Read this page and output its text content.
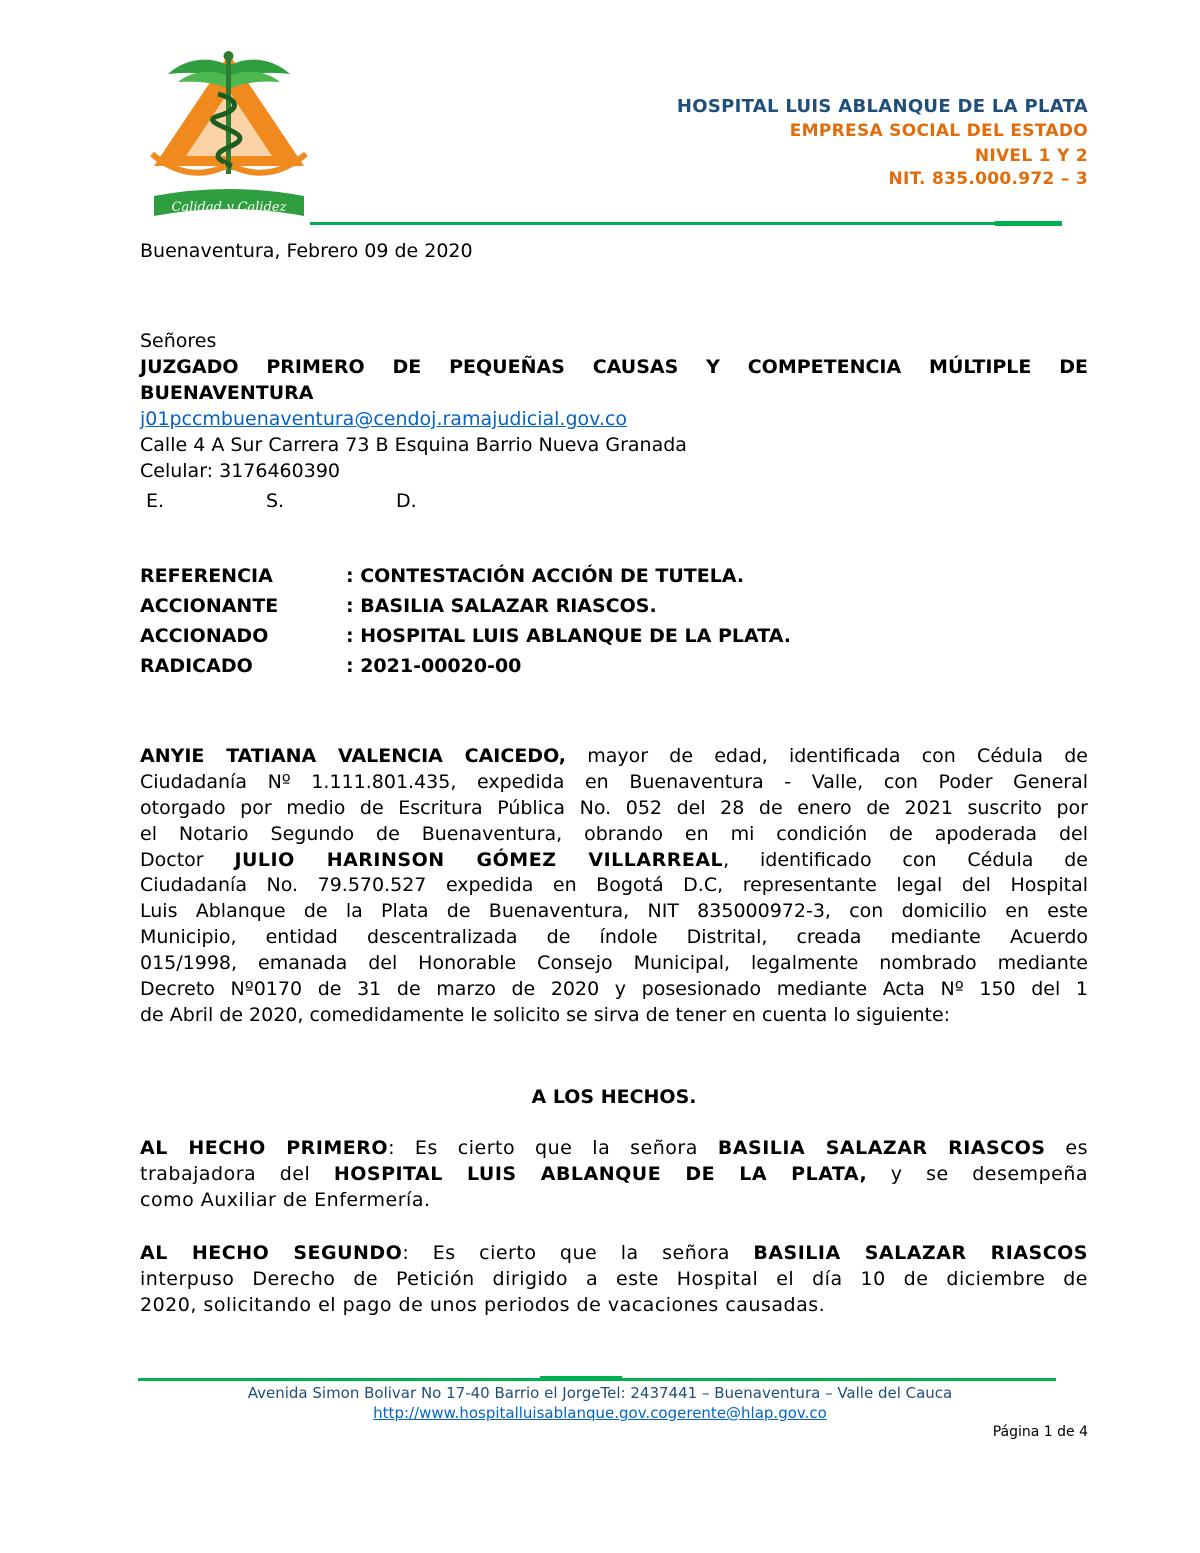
Calidad y Calidez
HOSPITAL LUIS ABLANQUE DE LA PLATA
EMPRESA SOCIAL DEL ESTADO
NIVEL 1 Y 2
NIT. 835.000.972 – 3
Buenaventura, Febrero 09 de 2020
Señores
JUZGADO PRIMERO DE PEQUEÑAS CAUSAS Y COMPETENCIA MÚLTIPLE DE
BUENAVENTURA
j01pccmbuenaventura@cendoj.ramajudicial.gov.co
Calle 4 A Sur Carrera 73 B Esquina Barrio Nueva Granada
Celular: 3176460390
E.	S.	D.
REFERENCIA	: CONTESTACIÓN ACCIÓN DE TUTELA.
ACCIONANTE	: BASILIA SALAZAR RIASCOS.
ACCIONADO	: HOSPITAL LUIS ABLANQUE DE LA PLATA.
RADICADO	: 2021-00020-00
ANYIE TATIANA VALENCIA CAICEDO, mayor de edad, identificada con Cédula de
Ciudadanía Nº 1.111.801.435, expedida en Buenaventura - Valle, con Poder General
otorgado por medio de Escritura Pública No. 052 del 28 de enero de 2021 suscrito por
el Notario Segundo de Buenaventura, obrando en mi condición de apoderada del
Doctor JULIO HARINSON GÓMEZ VILLARREAL, identificado con Cédula de
Ciudadanía No. 79.570.527 expedida en Bogotá D.C, representante legal del Hospital
Luis Ablanque de la Plata de Buenaventura, NIT 835000972-3, con domicilio en este
Municipio, entidad descentralizada de índole Distrital, creada mediante Acuerdo
015/1998, emanada del Honorable Consejo Municipal, legalmente nombrado mediante
Decreto Nº0170 de 31 de marzo de 2020 y posesionado mediante Acta Nº 150 del 1
de Abril de 2020, comedidamente le solicito se sirva de tener en cuenta lo siguiente:
A LOS HECHOS.
AL HECHO PRIMERO: Es cierto que la señora BASILIA SALAZAR RIASCOS es
trabajadora del HOSPITAL LUIS ABLANQUE DE LA PLATA, y se desempeña
como Auxiliar de Enfermería.
AL HECHO SEGUNDO: Es cierto que la señora BASILIA SALAZAR RIASCOS
interpuso Derecho de Petición dirigido a este Hospital el día 10 de diciembre de
2020, solicitando el pago de unos periodos de vacaciones causadas.
Avenida Simon Bolivar No 17-40 Barrio el JorgeTel: 2437441 – Buenaventura – Valle del Cauca
http://www.hospitalluisablanque.gov.cogerente@hlap.gov.co
Página 1 de 4
